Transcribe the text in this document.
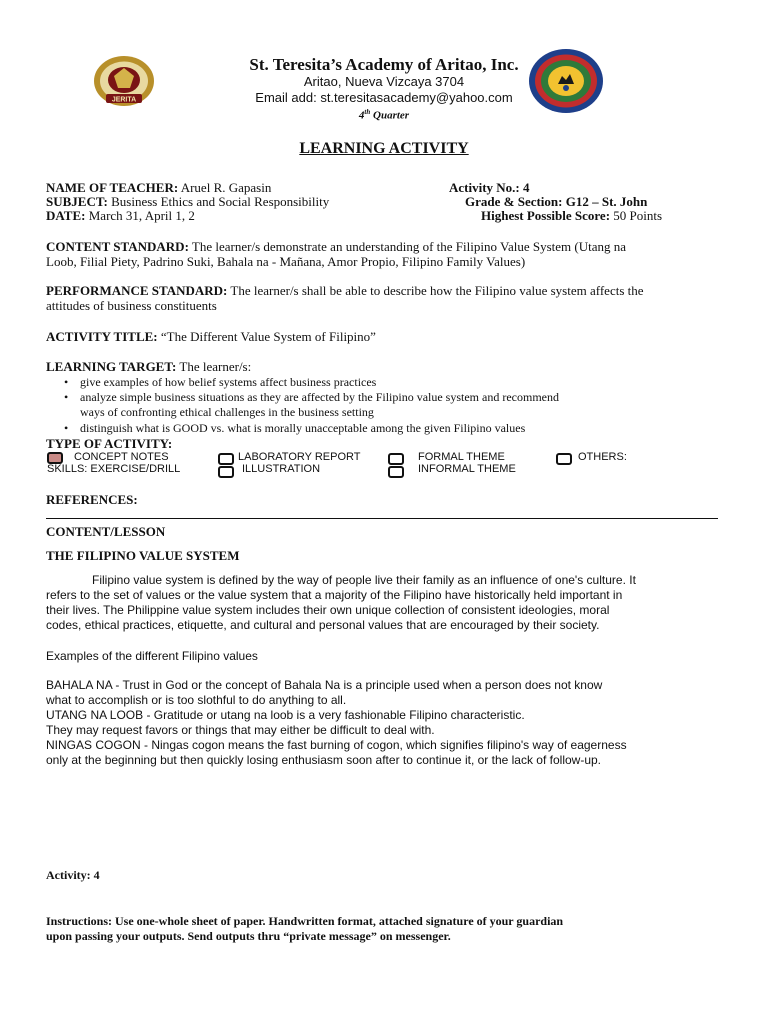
JERITA
St. Teresita’s Academy of Aritao, Inc.
Aritao, Nueva Vizcaya 3704
Email add: st.teresitasacademy@yahoo.com
4th Quarter
LEARNING ACTIVITY
NAME OF TEACHER: Aruel R. Gapasin
SUBJECT: Business Ethics and Social Responsibility
DATE: March 31, April 1, 2
Activity No.: 4
Grade & Section: G12 – St. John
Highest Possible Score: 50 Points
CONTENT STANDARD: The learner/s demonstrate an understanding of the Filipino Value System (Utang na
Loob, Filial Piety, Padrino Suki, Bahala na - Mañana, Amor Propio, Filipino Family Values)
PERFORMANCE STANDARD: The learner/s shall be able to describe how the Filipino value system affects the
attitudes of business constituents
ACTIVITY TITLE: “The Different Value System of Filipino”
LEARNING TARGET: The learner/s:
• give examples of how belief systems affect business practices
• analyze simple business situations as they are affected by the Filipino value system and recommend
ways of confronting ethical challenges in the business setting
• distinguish what is GOOD vs. what is morally unacceptable among the given Filipino values
TYPE OF ACTIVITY:
CONCEPT NOTES
SKILLS: EXERCISE/DRILL
LABORATORY REPORT
ILLUSTRATION
FORMAL THEME
INFORMAL THEME
OTHERS:
REFERENCES:
CONTENT/LESSON
THE FILIPINO VALUE SYSTEM
Filipino value system is defined by the way of people live their family as an influence of one's culture. It
refers to the set of values or the value system that a majority of the Filipino have historically held important in
their lives. The Philippine value system includes their own unique collection of consistent ideologies, moral
codes, ethical practices, etiquette, and cultural and personal values that are encouraged by their society.
Examples of the different Filipino values
BAHALA NA - Trust in God or the concept of Bahala Na is a principle used when a person does not know
what to accomplish or is too slothful to do anything to all.
UTANG NA LOOB - Gratitude or utang na loob is a very fashionable Filipino characteristic.
They may request favors or things that may either be difficult to deal with.
NINGAS COGON - Ningas cogon means the fast burning of cogon, which signifies filipino's way of eagerness
only at the beginning but then quickly losing enthusiasm soon after to continue it, or the lack of follow-up.
Activity: 4
Instructions: Use one-whole sheet of paper. Handwritten format, attached signature of your guardian
upon passing your outputs. Send outputs thru “private message” on messenger.
